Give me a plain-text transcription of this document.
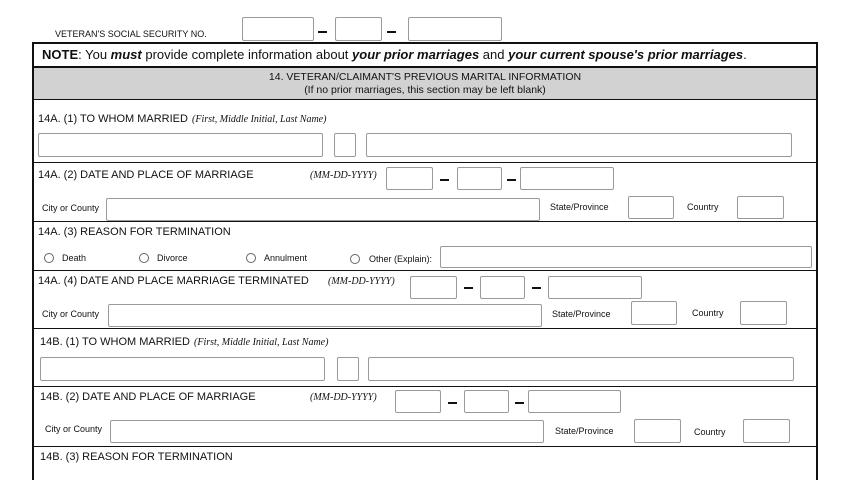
VETERAN'S SOCIAL SECURITY NO.
NOTE: You must provide complete information about your prior marriages and your current spouse's prior marriages.
14. VETERAN/CLAIMANT'S PREVIOUS MARITAL INFORMATION
(If no prior marriages, this section may be left blank)
14A. (1) TO WHOM MARRIED (First, Middle Initial, Last Name)
14A. (2) DATE AND PLACE OF MARRIAGE	(MM-DD-YYYY)
City or County	State/Province	Country
14A. (3) REASON FOR TERMINATION
Death	Divorce	Annulment	Other (Explain):
14A. (4) DATE AND PLACE MARRIAGE TERMINATED (MM-DD-YYYY)
City or County	State/Province	Country
14B. (1) TO WHOM MARRIED (First, Middle Initial, Last Name)
14B. (2) DATE AND PLACE OF MARRIAGE	(MM-DD-YYYY)
City or County	State/Province	Country
14B. (3) REASON FOR TERMINATION
